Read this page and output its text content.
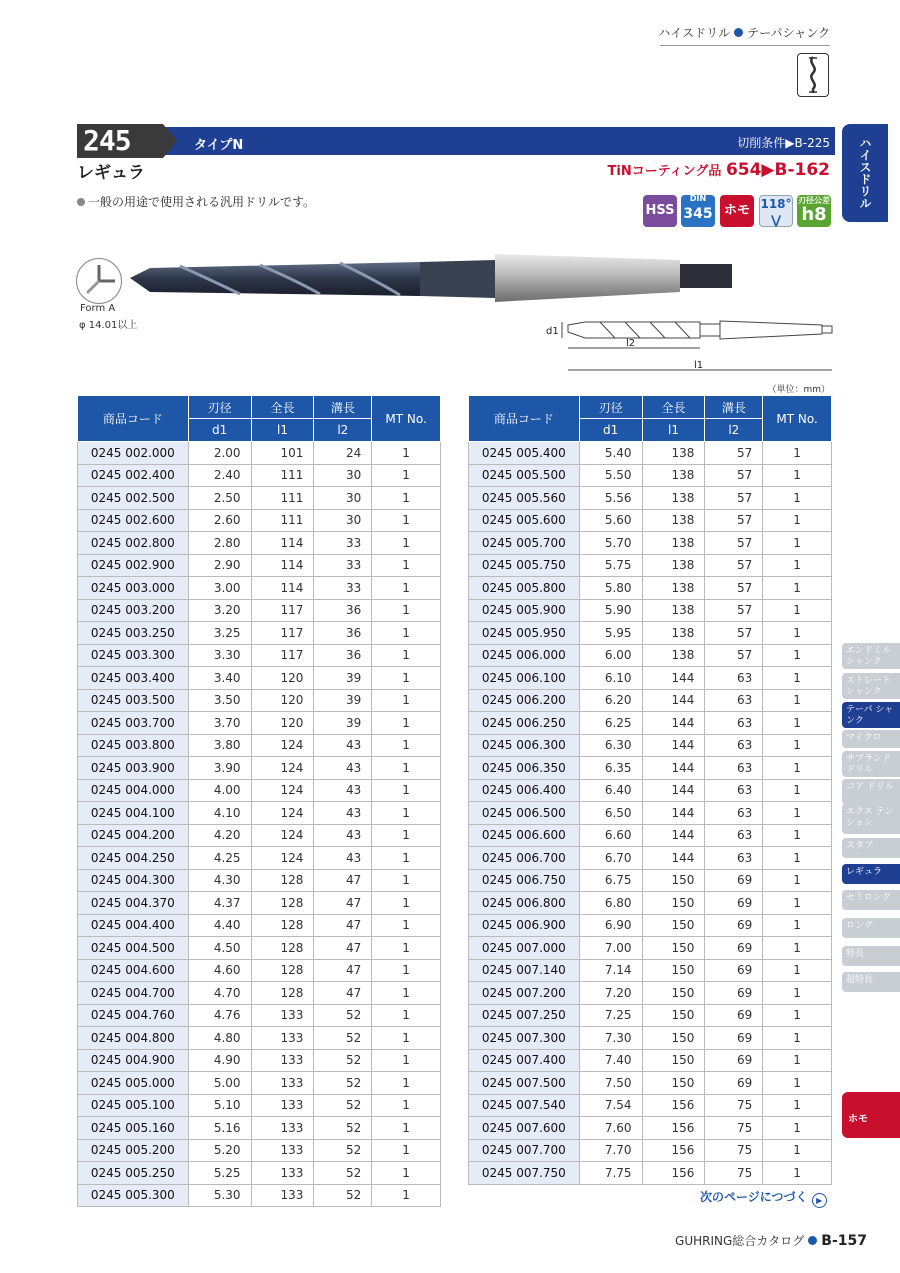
ハイスドリル テーパシャンク
245	タイプN	切削条件▶B-225
レギュラ	TiNコーティング品 654▶B-162
一般の用途で使用される汎用ドリルです。
HSS
DIN
345 ホモ 118°
⋁
刃径公差
h8
ハイスドリル
エンドミル シャンク
ストレート シャンク
テーパ シャンク
マイクロ
サブランド ドリル
コア ドリル
エクス テンション
スタブ
レギュラ
セミロング
ロング
特長
超特長
ホモ
Form A
φ 14.01以上
d1
l2
l1
（単位：mm）
商品コード	刃径	全長	溝長	MT No.
	d1	l1	l2	
0245 002.000	2.00	101	24	1
0245 002.400	2.40	111	30	1
0245 002.500	2.50	111	30	1
0245 002.600	2.60	111	30	1
0245 002.800	2.80	114	33	1
0245 002.900	2.90	114	33	1
0245 003.000	3.00	114	33	1
0245 003.200	3.20	117	36	1
0245 003.250	3.25	117	36	1
0245 003.300	3.30	117	36	1
0245 003.400	3.40	120	39	1
0245 003.500	3.50	120	39	1
0245 003.700	3.70	120	39	1
0245 003.800	3.80	124	43	1
0245 003.900	3.90	124	43	1
0245 004.000	4.00	124	43	1
0245 004.100	4.10	124	43	1
0245 004.200	4.20	124	43	1
0245 004.250	4.25	124	43	1
0245 004.300	4.30	128	47	1
0245 004.370	4.37	128	47	1
0245 004.400	4.40	128	47	1
0245 004.500	4.50	128	47	1
0245 004.600	4.60	128	47	1
0245 004.700	4.70	128	47	1
0245 004.760	4.76	133	52	1
0245 004.800	4.80	133	52	1
0245 004.900	4.90	133	52	1
0245 005.000	5.00	133	52	1
0245 005.100	5.10	133	52	1
0245 005.160	5.16	133	52	1
0245 005.200	5.20	133	52	1
0245 005.250	5.25	133	52	1
0245 005.300	5.30	133	52	1
商品コード	刃径	全長	溝長	MT No.
	d1	l1	l2	
0245 005.400	5.40	138	57	1
0245 005.500	5.50	138	57	1
0245 005.560	5.56	138	57	1
0245 005.600	5.60	138	57	1
0245 005.700	5.70	138	57	1
0245 005.750	5.75	138	57	1
0245 005.800	5.80	138	57	1
0245 005.900	5.90	138	57	1
0245 005.950	5.95	138	57	1
0245 006.000	6.00	138	57	1
0245 006.100	6.10	144	63	1
0245 006.200	6.20	144	63	1
0245 006.250	6.25	144	63	1
0245 006.300	6.30	144	63	1
0245 006.350	6.35	144	63	1
0245 006.400	6.40	144	63	1
0245 006.500	6.50	144	63	1
0245 006.600	6.60	144	63	1
0245 006.700	6.70	144	63	1
0245 006.750	6.75	150	69	1
0245 006.800	6.80	150	69	1
0245 006.900	6.90	150	69	1
0245 007.000	7.00	150	69	1
0245 007.140	7.14	150	69	1
0245 007.200	7.20	150	69	1
0245 007.250	7.25	150	69	1
0245 007.300	7.30	150	69	1
0245 007.400	7.40	150	69	1
0245 007.500	7.50	150	69	1
0245 007.540	7.54	156	75	1
0245 007.600	7.60	156	75	1
0245 007.700	7.70	156	75	1
0245 007.750	7.75	156	75	1
次のページにつづく ▶
GUHRING総合カタログ B-157
